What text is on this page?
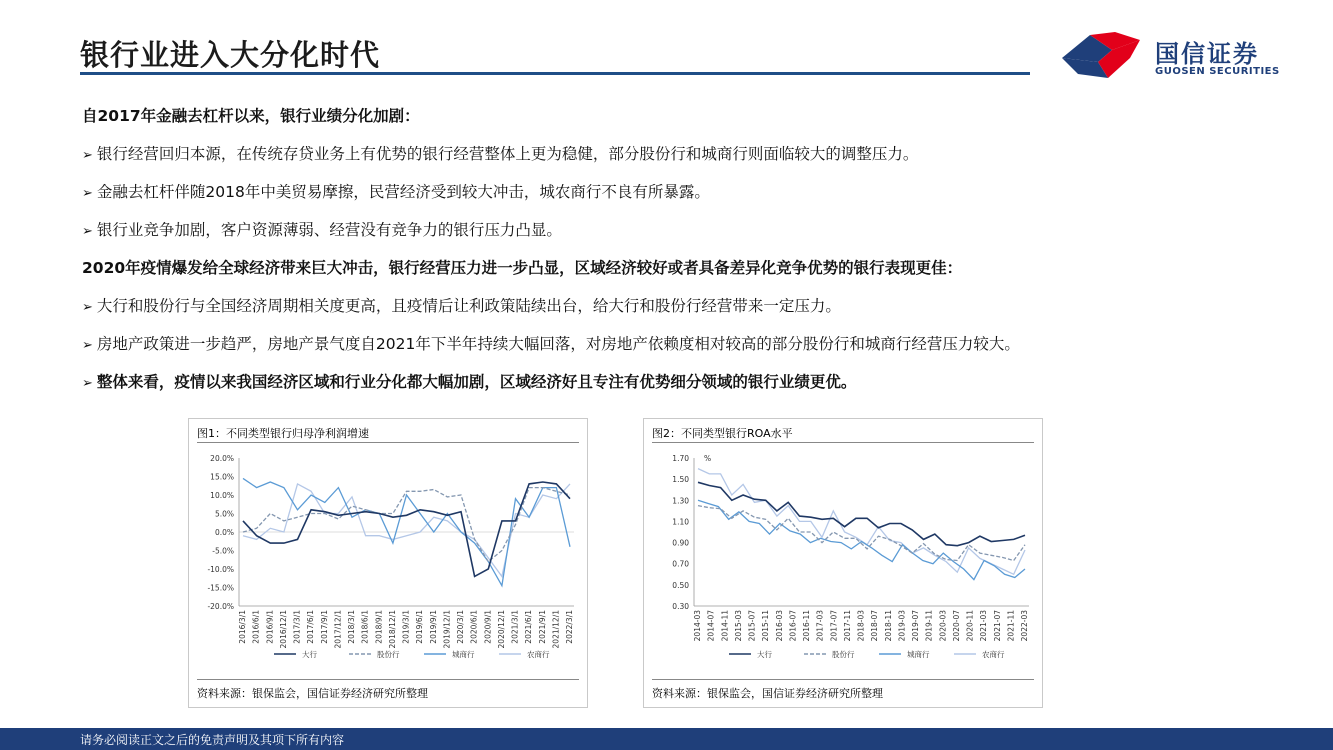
银行业进入大分化时代	国信证券
GUOSEN SECURITIES
自2017年金融去杠杆以来，银行业绩分化加剧：
➢ 银行经营回归本源，在传统存贷业务上有优势的银行经营整体上更为稳健，部分股份行和城商行则面临较大的调整压力。
➢ 金融去杠杆伴随2018年中美贸易摩擦，民营经济受到较大冲击，城农商行不良有所暴露。
➢ 银行业竞争加剧，客户资源薄弱、经营没有竞争力的银行压力凸显。
2020年疫情爆发给全球经济带来巨大冲击，银行经营压力进一步凸显，区域经济较好或者具备差异化竞争优势的银行表现更佳：
➢ 大行和股份行与全国经济周期相关度更高，且疫情后让利政策陆续出台，给大行和股份行经营带来一定压力。
➢ 房地产政策进一步趋严，房地产景气度自2021年下半年持续大幅回落，对房地产依赖度相对较高的部分股份行和城商行经营压力较大。
➢ 整体来看，疫情以来我国经济区域和行业分化都大幅加剧，区域经济好且专注有优势细分领域的银行业绩更优。
图1：不同类型银行归母净利润增速
20.0%
15.0%
10.0%
5.0%
0.0%
-5.0%
-10.0%
-15.0%
-20.0%
2016/3/1 2016/6/1 2016/9/1 2016/12/1 2017/3/1 2017/6/1 2017/9/1 2017/12/1 2018/3/1 2018/6/1 2018/9/1 2018/12/1 2019/3/1 2019/6/1 2019/9/1 2019/12/1 2020/3/1 2020/6/1 2020/9/1 2020/12/1 2021/3/1 2021/6/1 2021/9/1 2021/12/1 2022/3/1
大行	股份行	城商行	农商行
资料来源：银保监会，国信证券经济研究所整理
图2：不同类型银行ROA水平
1.70
1.50
1.30
1.10
0.90
0.70
0.50
0.30
2014-03 2014-07 2014-11 2015-03 2015-07 2015-11 2016-03 2016-07 2016-11 2017-03 2017-07 2017-11 2018-03 2018-07 2018-11 2019-03 2019-07 2019-11 2020-03 2020-07 2020-11 2021-03 2021-07 2021-11 2022-03
%
大行	股份行	城商行	农商行
资料来源：银保监会，国信证券经济研究所整理
请务必阅读正文之后的免责声明及其项下所有内容
